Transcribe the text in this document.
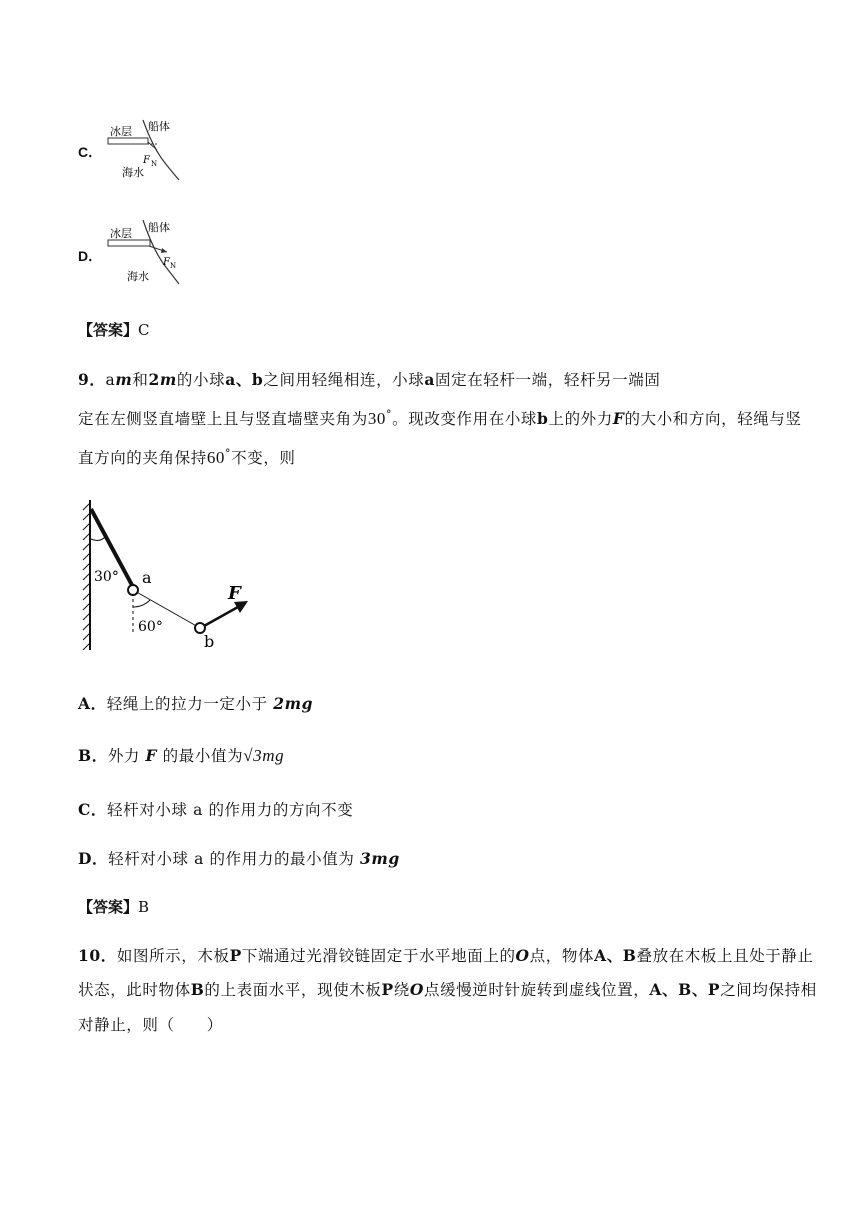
C．
冰层 船体
F N
海水
D．
冰层 船体
F N
海水
【答案】C
9．am和2m的小球a、b之间用轻绳相连，小球a固定在轻杆一端，轻杆另一端固
定在左侧竖直墙壁上且与竖直墙壁夹角为30°。现改变作用在小球b上的外力F的大小和方向，轻绳与竖
直方向的夹角保持60°不变，则
30°
60°
a
b
F
A．轻绳上的拉力一定小于 2mg
B．外力 F 的最小值为√3mg
C．轻杆对小球 a 的作用力的方向不变
D．轻杆对小球 a 的作用力的最小值为 3mg
【答案】B
10．如图所示，木板P下端通过光滑铰链固定于水平地面上的O点，物体A、B叠放在木板上且处于静止
状态，此时物体B的上表面水平，现使木板P绕O点缓慢逆时针旋转到虚线位置，A、B、P之间均保持相
对静止，则（　　）
